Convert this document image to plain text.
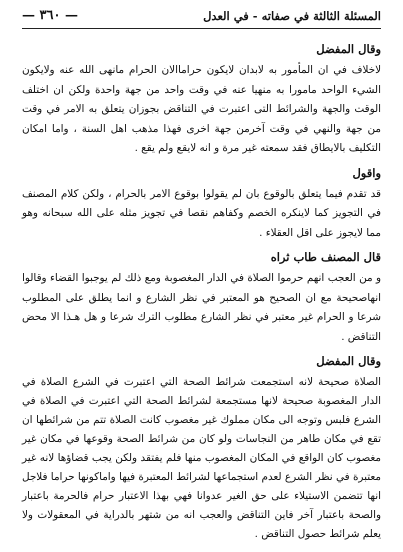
المسئلة الثالثة في صفاته - في العدل
— ٣٦٠ —
وقال المفضل
لاخلاف في ان المأمور به لابدان لايكون حراماالان الحرام مانهى الله عنه ولايكون الشيء الواحد مامورا به منهيا عنه في وقت واحد من جهة واحدة ولكن ان اختلف الوقت والجهة والشرائط التى اعتبرت في التناقض بجوزان يتعلق به الامر في وقت من جهة والنهي في وقت آخرمن جهة اخرى فهذا مذهب اهل السنة ، واما امكان التكليف بالايطاق فقد سمعته غير مرة و انه لايقع ولم يقع .
واقول
قد تقدم فيما يتعلق بالوقوع بان لم يقولوا بوقوع الامر بالحرام ، ولكن كلام المصنف في التجويز كما لاينكره الخصم وكفاهم نقصا في تجويز مثله على الله سبحانه وهو مما لايجوز على اقل العقلاء .
قال المصنف طاب ثراه
و من العجب انهم حرموا الصلاة في الدار المغصوبة ومع ذلك لم يوجبوا القضاء وقالوا انهاصحيحة مع ان الصحيح هو المعتبر في نظر الشارع و انما يطلق على المطلوب شرعا و الحرام غير معتبر في نظر الشارع مطلوب الترك شرعا و هل هـذا الا محض التناقض .
وقال المفضل
الصلاة صحيحة لانه استجمعت شرائط الصحة التي اعتبرت في الشرع الصلاة في الدار المغصوبة صحيحة لانها مستجمعة لشرائط الصحة التي اعتبرت في الصلاة في الشرع فلبس وتوجه الى مكان مملوك غير مغصوب كانت الصلاة تتم من شرائطها ان تقع في مكان طاهر من النجاسات ولو كان من شرائط الصحة وقوعها في مكان غير مغصوب كان الواقع في المكان المغصوب منها فلم يفتقد ولكن يجب قضاؤها لانه غير معتبرة في نظر الشرع لعدم استجماعها لشرائط المعتبرة فيها واماكونها حراما فلاجل انها تتضمن الاستيلاء على حق الغير عدوانا فهي بهذا الاعتبار حرام فالحرمة باعتبار والصحة باعتبار آخر فاين التناقض والعجب انه من شتهر بالدراية في المعقولات ولا يعلم شرائط حصول التناقض .
